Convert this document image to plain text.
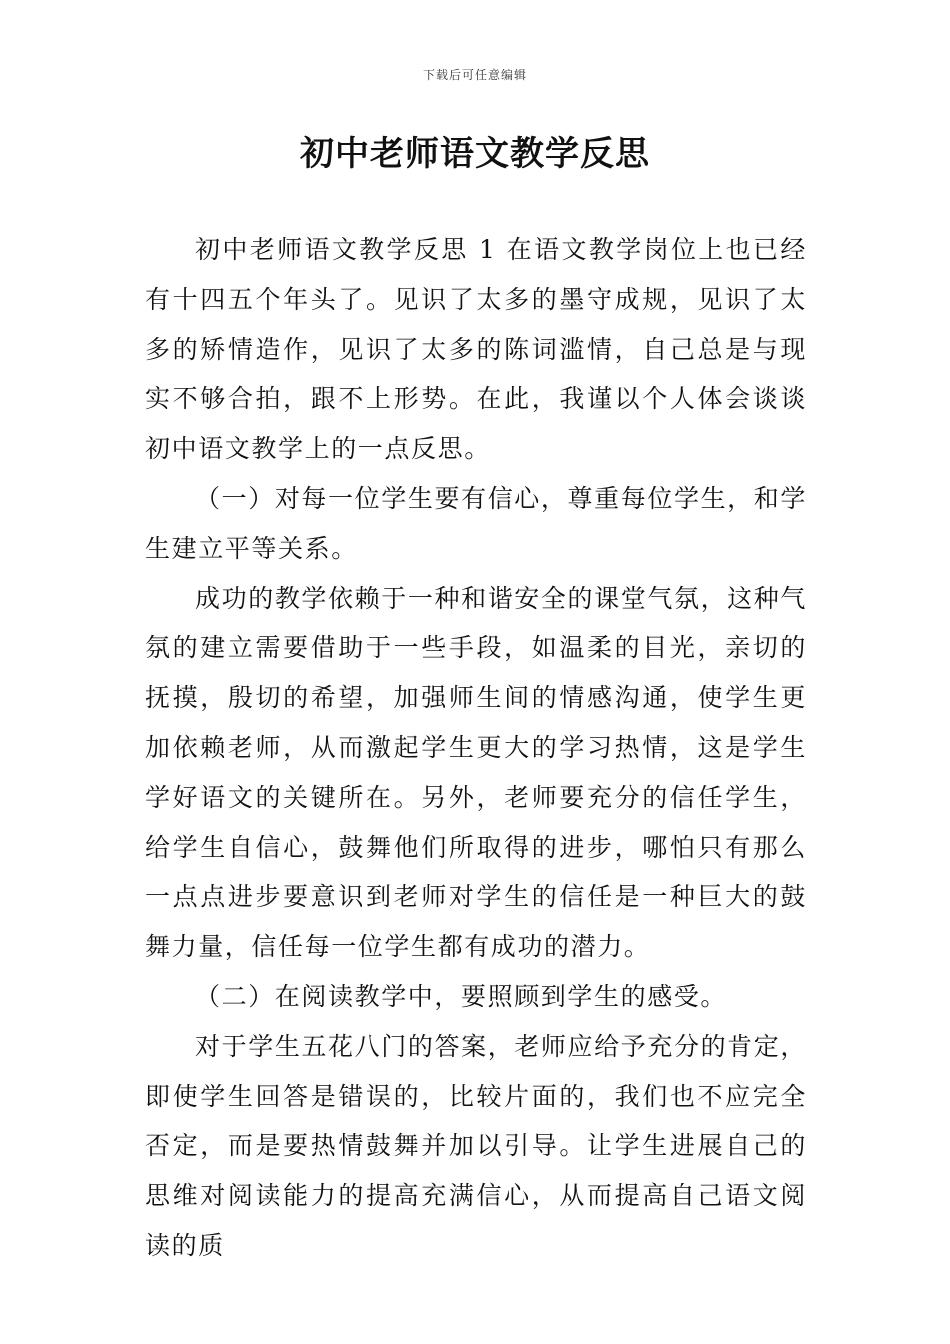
下载后可任意编辑
初中老师语文教学反思

初中老师语文教学反思 1 在语文教学岗位上也已经有十四五个年头了。见识了太多的墨守成规，见识了太多的矫情造作，见识了太多的陈词滥情，自己总是与现实不够合拍，跟不上形势。在此，我谨以个人体会谈谈初中语文教学上的一点反思。

（一）对每一位学生要有信心，尊重每位学生，和学生建立平等关系。

成功的教学依赖于一种和谐安全的课堂气氛，这种气氛的建立需要借助于一些手段，如温柔的目光，亲切的抚摸，殷切的希望，加强师生间的情感沟通，使学生更加依赖老师，从而激起学生更大的学习热情，这是学生学好语文的关键所在。另外，老师要充分的信任学生，给学生自信心，鼓舞他们所取得的进步，哪怕只有那么一点点进步要意识到老师对学生的信任是一种巨大的鼓舞力量，信任每一位学生都有成功的潜力。

（二）在阅读教学中，要照顾到学生的感受。

对于学生五花八门的答案，老师应给予充分的肯定，即使学生回答是错误的，比较片面的，我们也不应完全否定，而是要热情鼓舞并加以引导。让学生进展自己的思维对阅读能力的提高充满信心，从而提高自己语文阅读的质
